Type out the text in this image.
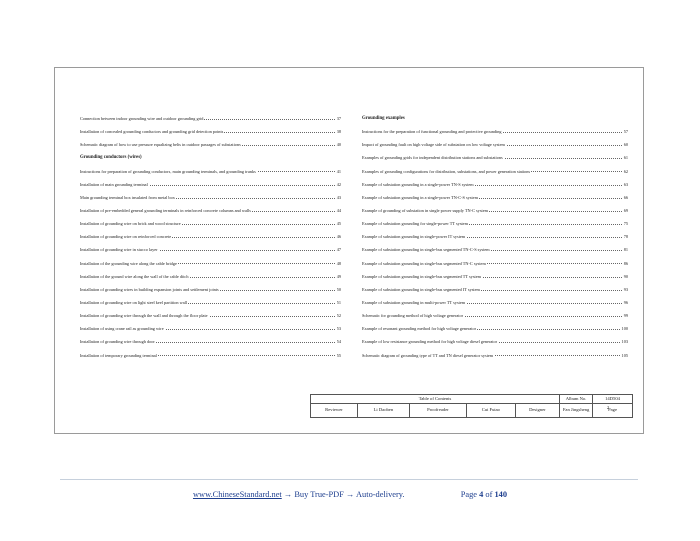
Connection between indoor grounding wire and outdoor grounding grid	37
Installation of concealed grounding conductors and grounding grid detection points	38
Schematic diagram of how to use pressure equalizing belts in outdoor passages of substations	40
Grounding conductors (wires)
Instructions for preparation of grounding conductors, main grounding terminals, and grounding trunks	41
Installation of main grounding terminal	42
Main grounding terminal box insulated from metal box	43
Installation of pre-embedded general grounding terminals in reinforced concrete columns and walls	44
Installation of grounding wire on brick and wood structure	45
Installation of grounding wire on reinforced concrete	46
Installation of grounding wire in stucco layer	47
Installation of the grounding wire along the cable bridge	48
Installation of the ground wire along the wall of the cable ditch	49
Installation of grounding wires in building expansion joints and settlement joints	50
Installation of grounding wire on light steel keel partition wall	51
Installation of grounding wire through the wall and through the floor plate	52
Installation of using crane rail as grounding wire	53
Installation of grounding wire through door	54
Installation of temporary grounding terminal	55
Grounding examples
Instructions for the preparation of functional grounding and protective grounding	57
Impact of grounding fault on high voltage side of substation on low voltage system	60
Examples of grounding grids for independent distribution stations and substations	61
Examples of grounding configurations for distribution, substations, and power generation stations	62
Example of substation grounding in a single-power TN-S system	63
Example of substation grounding in a single-power TN-C-S system	66
Example of grounding of substation in single power supply TN-C system	69
Example of substation grounding for single-power TT system	75
Example of substation grounding in single-power IT system	78
Example of substation grounding in single-bus segmented TN-C-S system	81
Example of substation grounding in single-bus segmented TN-C system	86
Example of substation grounding in single-bus segmented TT system	90
Example of substation grounding in single-bus segmented IT system	93
Example of substation grounding in multi-power TT system	96
Schematic for grounding method of high voltage generator	99
Example of resonant grounding method for high voltage generator	100
Example of low resistance grounding method for high voltage diesel generator	103
Schematic diagram of grounding type of TT and TN diesel generator system	105
Table of Contents					Album No.	14D504
Reviewer	Li Daoben	Proofreader	Cui Futao	Designer	Fan Jingsheng	Page
2
www.ChineseStandard.net → Buy True-PDF → Auto-delivery.	Page 4 of 140
